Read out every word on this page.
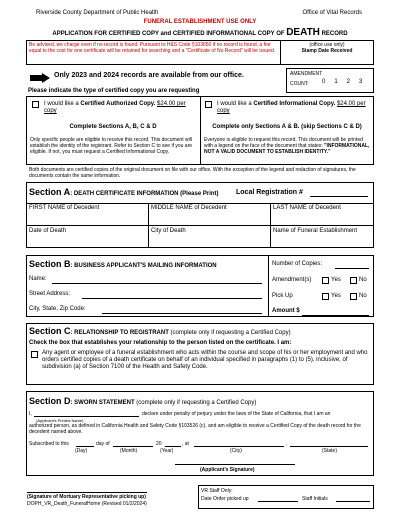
Riverside County Department of Public Health	Office of Vital Records
FUNERAL ESTABLISHMENT USE ONLY
APPLICATION FOR CERTIFIED COPY and CERTIFIED INFORMATIONAL COPY OF DEATH RECORD
Be advised, we charge even if no record is found. Pursuant to H&S Code §103650 if no record is found, a fee equal to the cost for one certificate will be retained for searching and a "Certificate of No Record" will be issued.
(office use only)
Stamp Date Received
Only 2023 and 2024 records are available from our office.	AMENDMENT
COUNT: 0   1   2   3
Please indicate the type of certified copy you are requesting
I would like a Certified Authorized Copy. $24.00 per copy
Complete Sections A, B, C & D
Only specific people are eligible to receive this record. This document will establish the identity of the registrant. Refer to Section C to see if you are eligible. If not, you must request a Certified Informational Copy.
I would like a Certified Informational Copy. $24.00 per copy
Complete only Sections A & B. (skip Sections C & D)
Everyone is eligible to request this record. This document will be printed with a legend on the face of the document that states: "INFORMATIONAL, NOT A VALID DOCUMENT TO ESTABLISH IDENTITY."
Both documents are certified copies of the original document on file with our office. With the exception of the legend and redaction of signatures, the documents contain the same information.
Section A: DEATH CERTIFICATE INFORMATION (Please Print) Local Registration #
FIRST NAME of Decedent	MIDDLE NAME of Decedent	LAST NAME of Decedent
Date of Death	City of Death	Name of Funeral Establishment
Section B: BUSINESS APPLICANT'S MAILING INFORMATION
Name:
Street Address:
City, State, Zip Code:
Number of Copies:
Amendment(s)	Yes	No
Pick Up	Yes	No
Amount $
Section C: RELATIONSHIP TO REGISTRANT (complete only if requesting a Certified Copy)
Check the box that establishes your relationship to the person listed on the certificate. I am:
Any agent or employee of a funeral establishment who acts within the course and scope of his or her employment and who orders certified copies of a death certificate on behalf of an individual specified in paragraphs (1) to (5), inclusive, of subdivision (a) of Section 7100 of the Health and Safety Code.
Section D: SWORN STATEMENT (complete only if requesting a Certified Copy)
I,	declare under penalty of perjury under the laws of the State of California, that I am an
(Applicant's Printed Name)
authorized person, as defined in California Health and Safety Code §103526 (c), and am eligible to receive a Certified Copy of the death record for the decedent named above.
Subscribed to this	day of	20	, at	,
(Day)	(Month)	(Year)	(City)	(State)
(Applicant's Signature)
(Signature of Mortuary Representative picking up)
DOPH_VR_Death_FuneralHome (Revised 01/2/2024)
VR Staff Only:
Date Order picked up	Staff Initials
